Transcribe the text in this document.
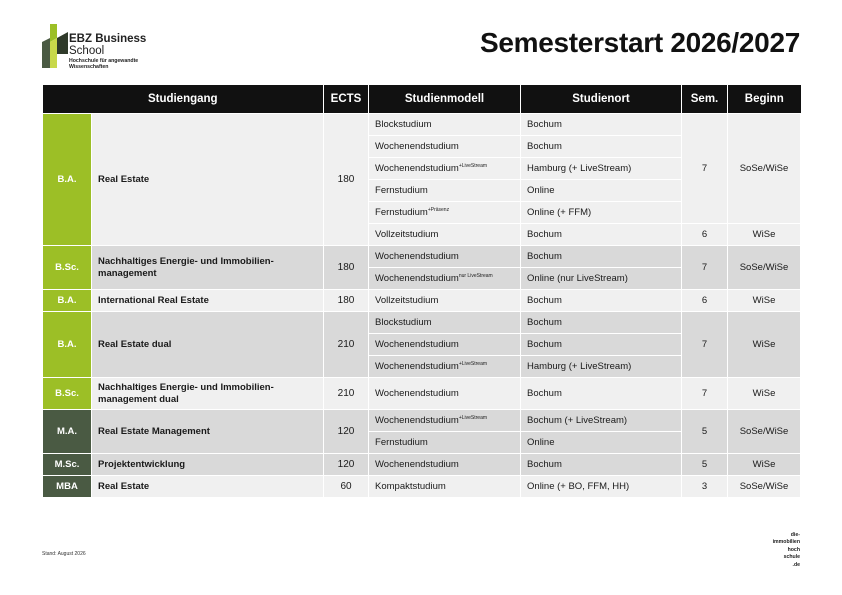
EBZ Business
School
Hochschule für angewandte
Wissenschaften
Semesterstart 2026/2027
Studiengang		ECTS	Studienmodell	Studienort	Sem.	Beginn
B.A.	Real Estate	180	Blockstudium	Bochum	7	SoSe/WiSe
			Wochenendstudium	Bochum		
			Wochenendstudium$^{+LiveStream}$	Hamburg (+ LiveStream)		
			Fernstudium	Online		
			Fernstudium$^{+Präsenz}$	Online (+ FFM)		
			Vollzeitstudium	Bochum	6	WiSe
B.Sc.	Nachhaltiges Energie- und Immobilien-
management	180	Wochenendstudium	Bochum	7	SoSe/WiSe
			Wochenendstudium$^{nur LiveStream}$	Online (nur LiveStream)		
B.A.	International Real Estate	180	Vollzeitstudium	Bochum	6	WiSe
B.A.	Real Estate dual	210	Blockstudium	Bochum	7	WiSe
			Wochenendstudium	Bochum		
			Wochenendstudium$^{+LiveStream}$	Hamburg (+ LiveStream)		
B.Sc.	Nachhaltiges Energie- und Immobilien-
management dual	210	Wochenendstudium	Bochum	7	WiSe
M.A.	Real Estate Management	120	Wochenendstudium$^{+LiveStream}$	Bochum (+ LiveStream)	5	SoSe/WiSe
			Fernstudium	Online		
M.Sc.	Projektentwicklung	120	Wochenendstudium	Bochum	5	WiSe
MBA	Real Estate	60	Kompaktstudium	Online (+ BO, FFM, HH)	3	SoSe/WiSe
Stand: August 2026
die-
immobilien
hoch
schule
.de
